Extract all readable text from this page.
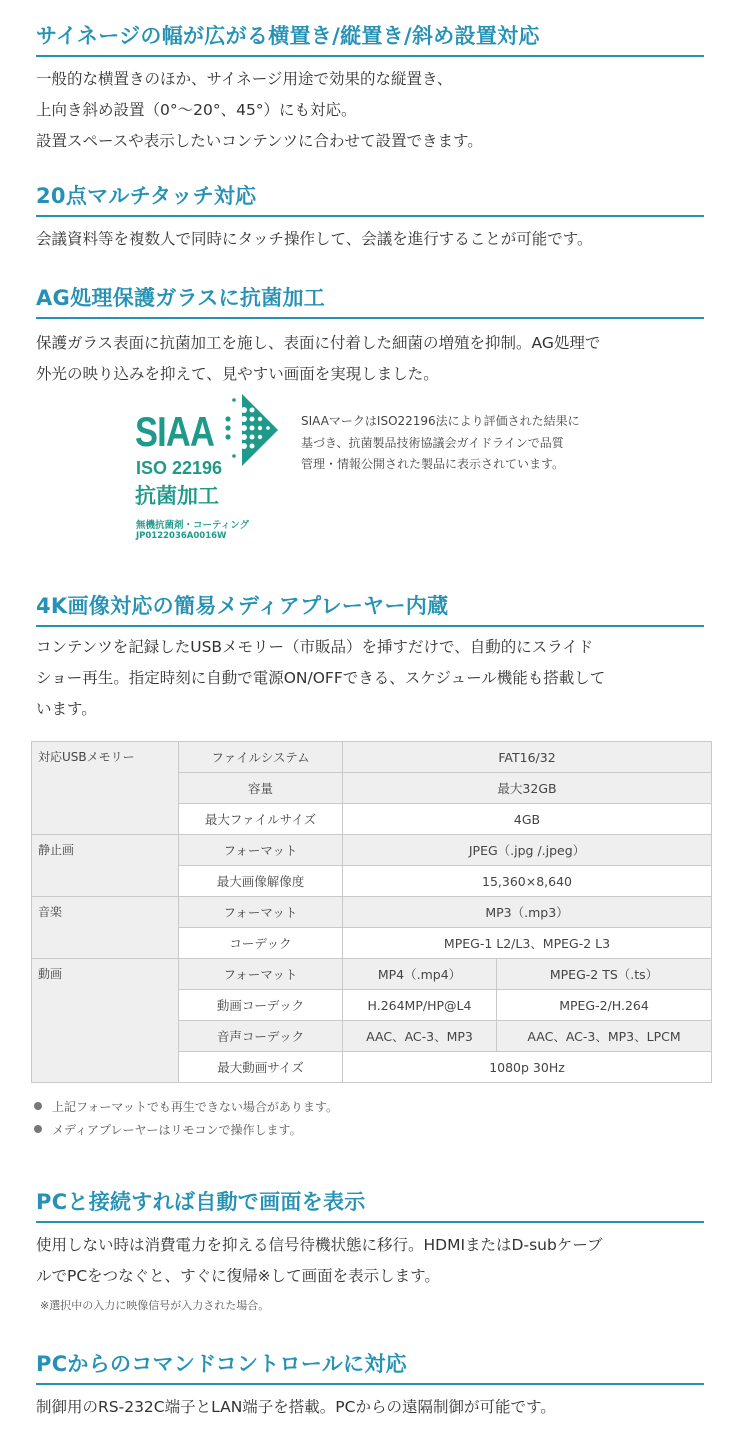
サイネージの幅が広がる横置き/縦置き/斜め設置対応

一般的な横置きのほか、サイネージ用途で効果的な縦置き、

上向き斜め設置（0°～20°、45°）にも対応。

設置スペースや表示したいコンテンツに合わせて設置できます。

20点マルチタッチ対応

会議資料等を複数人で同時にタッチ操作して、会議を進行することが可能です。

AG処理保護ガラスに抗菌加工

保護ガラス表面に抗菌加工を施し、表面に付着した細菌の増殖を抑制。AG処理で

外光の映り込みを抑えて、見やすい画面を実現しました。

SIAA
ISO 22196
抗菌加工
無機抗菌剤・コーティング
JP0122036A0016W
SIAAマークはISO22196法により評価された結果に
基づき、抗菌製品技術協議会ガイドラインで品質
管理・情報公開された製品に表示されています。
4K画像対応の簡易メディアプレーヤー内蔵

コンテンツを記録したUSBメモリー（市販品）を挿すだけで、自動的にスライド

ショー再生。指定時刻に自動で電源ON/OFFできる、スケジュール機能も搭載して

います。

対応USBメモリー	ファイルシステム	FAT16/32	
	容量	最大32GB	
	最大ファイルサイズ	4GB	
静止画	フォーマット	JPEG（.jpg /.jpeg）	
	最大画像解像度	15,360×8,640	
音楽	フォーマット	MP3（.mp3）	
	コーデック	MPEG-1 L2/L3、MPEG-2 L3	
動画	フォーマット	MP4（.mp4）	MPEG-2 TS（.ts）
	動画コーデック	H.264MP/HP@L4	MPEG-2/H.264
	音声コーデック	AAC、AC-3、MP3	AAC、AC-3、MP3、LPCM
	最大動画サイズ	1080p 30Hz	
上記フォーマットでも再生できない場合があります。
メディアプレーヤーはリモコンで操作します。
PCと接続すれば自動で画面を表示

使用しない時は消費電力を抑える信号待機状態に移行。HDMIまたはD-subケーブ

ルでPCをつなぐと、すぐに復帰※して画面を表示します。

※選択中の入力に映像信号が入力された場合。
PCからのコマンドコントロールに対応

制御用のRS-232C端子とLAN端子を搭載。PCからの遠隔制御が可能です。
